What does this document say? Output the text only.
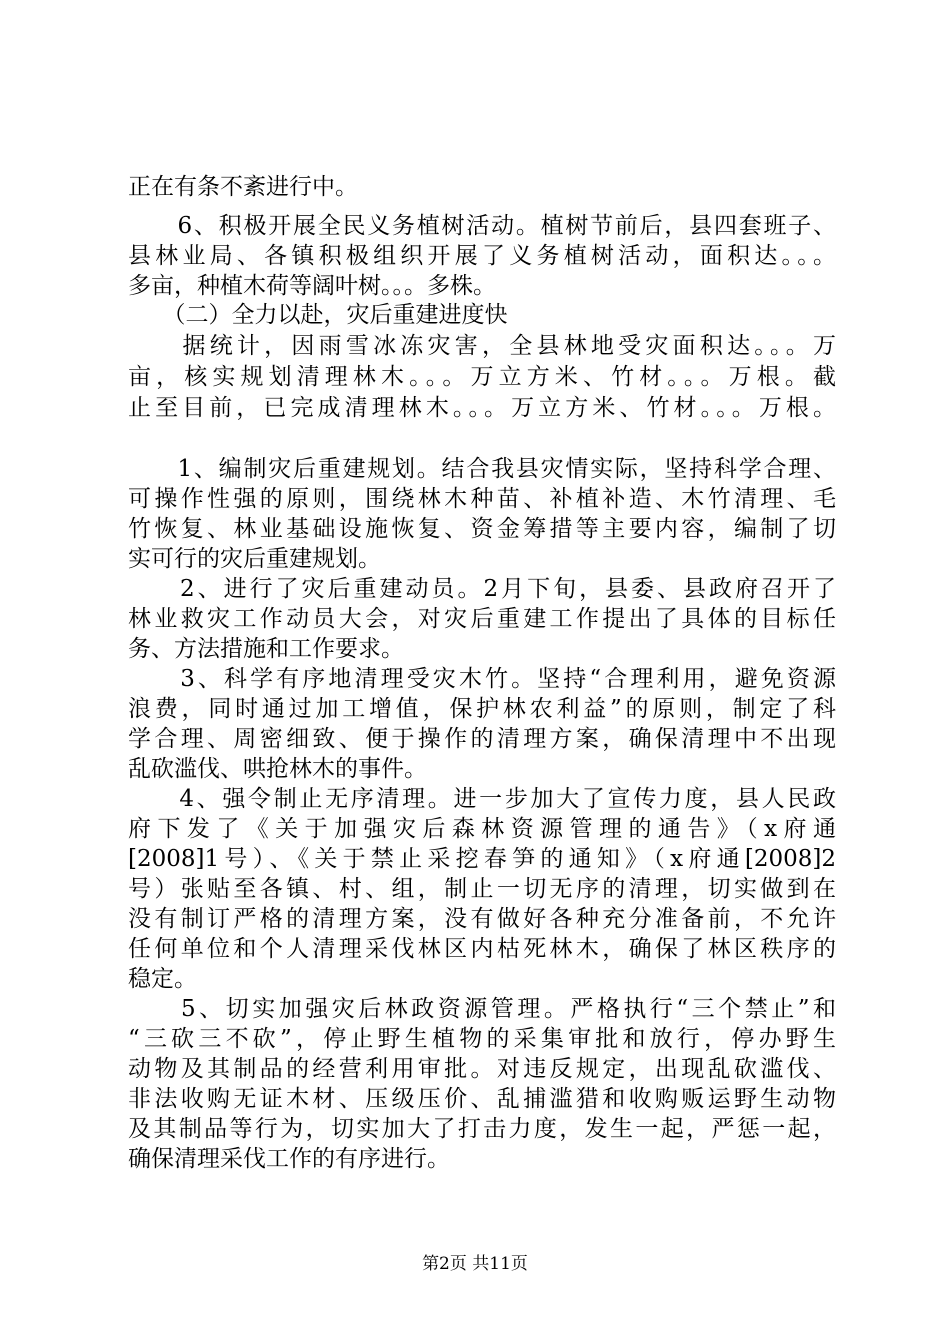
正在有条不紊进行中。
　　6、积极开展全民义务植树活动。植树节前后，县四套班子、
县林业局、各镇积极组织开展了义务植树活动，面积达。。。
多亩，种植木荷等阔叶树。。。多株。
　　（二）全力以赴，灾后重建进度快
　　据统计，因雨雪冰冻灾害，全县林地受灾面积达。。。万
亩，核实规划清理林木。。。万立方米、竹材。。。万根。截
止至目前，已完成清理林木。。。万立方米、竹材。。。万根。
　　1、编制灾后重建规划。结合我县灾情实际，坚持科学合理、
可操作性强的原则，围绕林木种苗、补植补造、木竹清理、毛
竹恢复、林业基础设施恢复、资金筹措等主要内容，编制了切
实可行的灾后重建规划。
　　2、进行了灾后重建动员。2月下旬，县委、县政府召开了
林业救灾工作动员大会，对灾后重建工作提出了具体的目标任
务、方法措施和工作要求。
　　3、科学有序地清理受灾木竹。坚持“合理利用，避免资源
浪费，同时通过加工增值，保护林农利益”的原则，制定了科
学合理、周密细致、便于操作的清理方案，确保清理中不出现
乱砍滥伐、哄抢林木的事件。
　　4、强令制止无序清理。进一步加大了宣传力度，县人民政
府下发了《关于加强灾后森林资源管理的通告》（x府通
[2008]1号）、《关于禁止采挖春笋的通知》（x府通[2008]2
号）张贴至各镇、村、组，制止一切无序的清理，切实做到在
没有制订严格的清理方案，没有做好各种充分准备前，不允许
任何单位和个人清理采伐林区内枯死林木，确保了林区秩序的
稳定。
　　5、切实加强灾后林政资源管理。严格执行“三个禁止”和
“三砍三不砍”，停止野生植物的采集审批和放行，停办野生
动物及其制品的经营利用审批。对违反规定，出现乱砍滥伐、
非法收购无证木材、压级压价、乱捕滥猎和收购贩运野生动物
及其制品等行为，切实加大了打击力度，发生一起，严惩一起，
确保清理采伐工作的有序进行。
第2页 共11页
